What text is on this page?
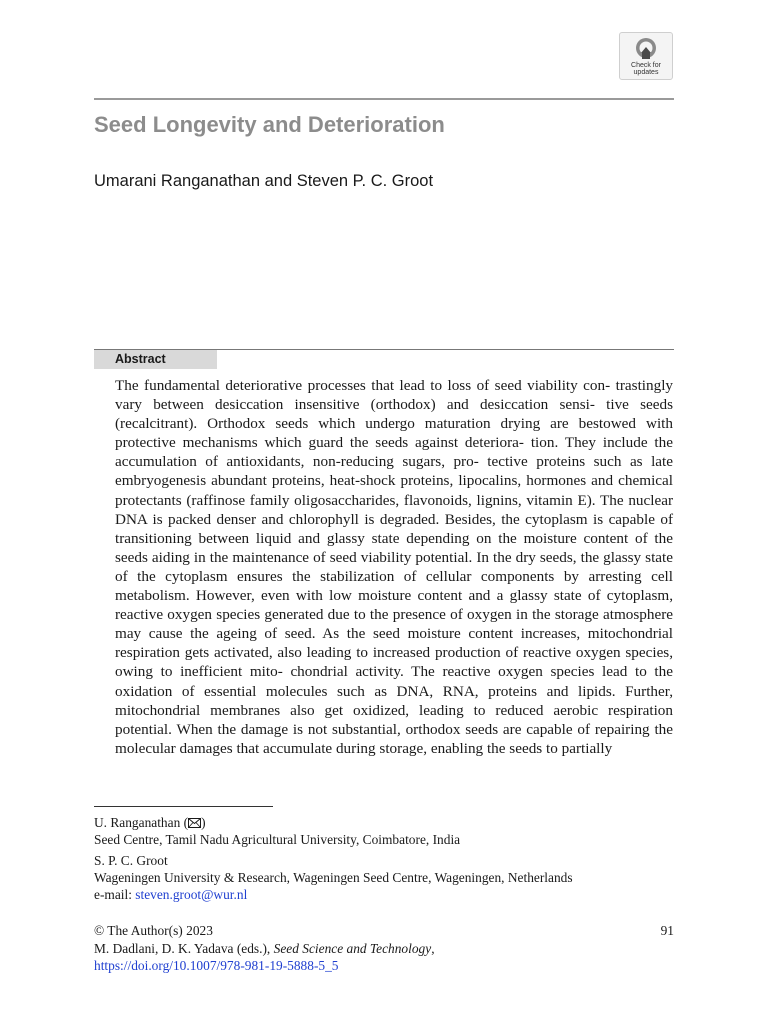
Check for
updates
Seed Longevity and Deterioration

Umarani Ranganathan and Steven P. C. Groot

Abstract

The fundamental deteriorative processes that lead to loss of seed viability con- trastingly vary between desiccation insensitive (orthodox) and desiccation sensi- tive seeds (recalcitrant). Orthodox seeds which undergo maturation drying are bestowed with protective mechanisms which guard the seeds against deteriora- tion. They include the accumulation of antioxidants, non-reducing sugars, pro- tective proteins such as late embryogenesis abundant proteins, heat-shock proteins, lipocalins, hormones and chemical protectants (raffinose family oligosaccharides, flavonoids, lignins, vitamin E). The nuclear DNA is packed denser and chlorophyll is degraded. Besides, the cytoplasm is capable of transitioning between liquid and glassy state depending on the moisture content of the seeds aiding in the maintenance of seed viability potential. In the dry seeds, the glassy state of the cytoplasm ensures the stabilization of cellular components by arresting cell metabolism. However, even with low moisture content and a glassy state of cytoplasm, reactive oxygen species generated due to the presence of oxygen in the storage atmosphere may cause the ageing of seed. As the seed moisture content increases, mitochondrial respiration gets activated, also leading to increased production of reactive oxygen species, owing to inefficient mito- chondrial activity. The reactive oxygen species lead to the oxidation of essential molecules such as DNA, RNA, proteins and lipids. Further, mitochondrial membranes also get oxidized, leading to reduced aerobic respiration potential. When the damage is not substantial, orthodox seeds are capable of repairing the molecular damages that accumulate during storage, enabling the seeds to partially

U. Ranganathan ( )

Seed Centre, Tamil Nadu Agricultural University, Coimbatore, India

S. P. C. Groot

Wageningen University & Research, Wageningen Seed Centre, Wageningen, Netherlands

e-mail: steven.groot@wur.nl

© The Author(s) 2023
M. Dadlani, D. K. Yadava (eds.), Seed Science and Technology,
https://doi.org/10.1007/978-981-19-5888-5_5

91
